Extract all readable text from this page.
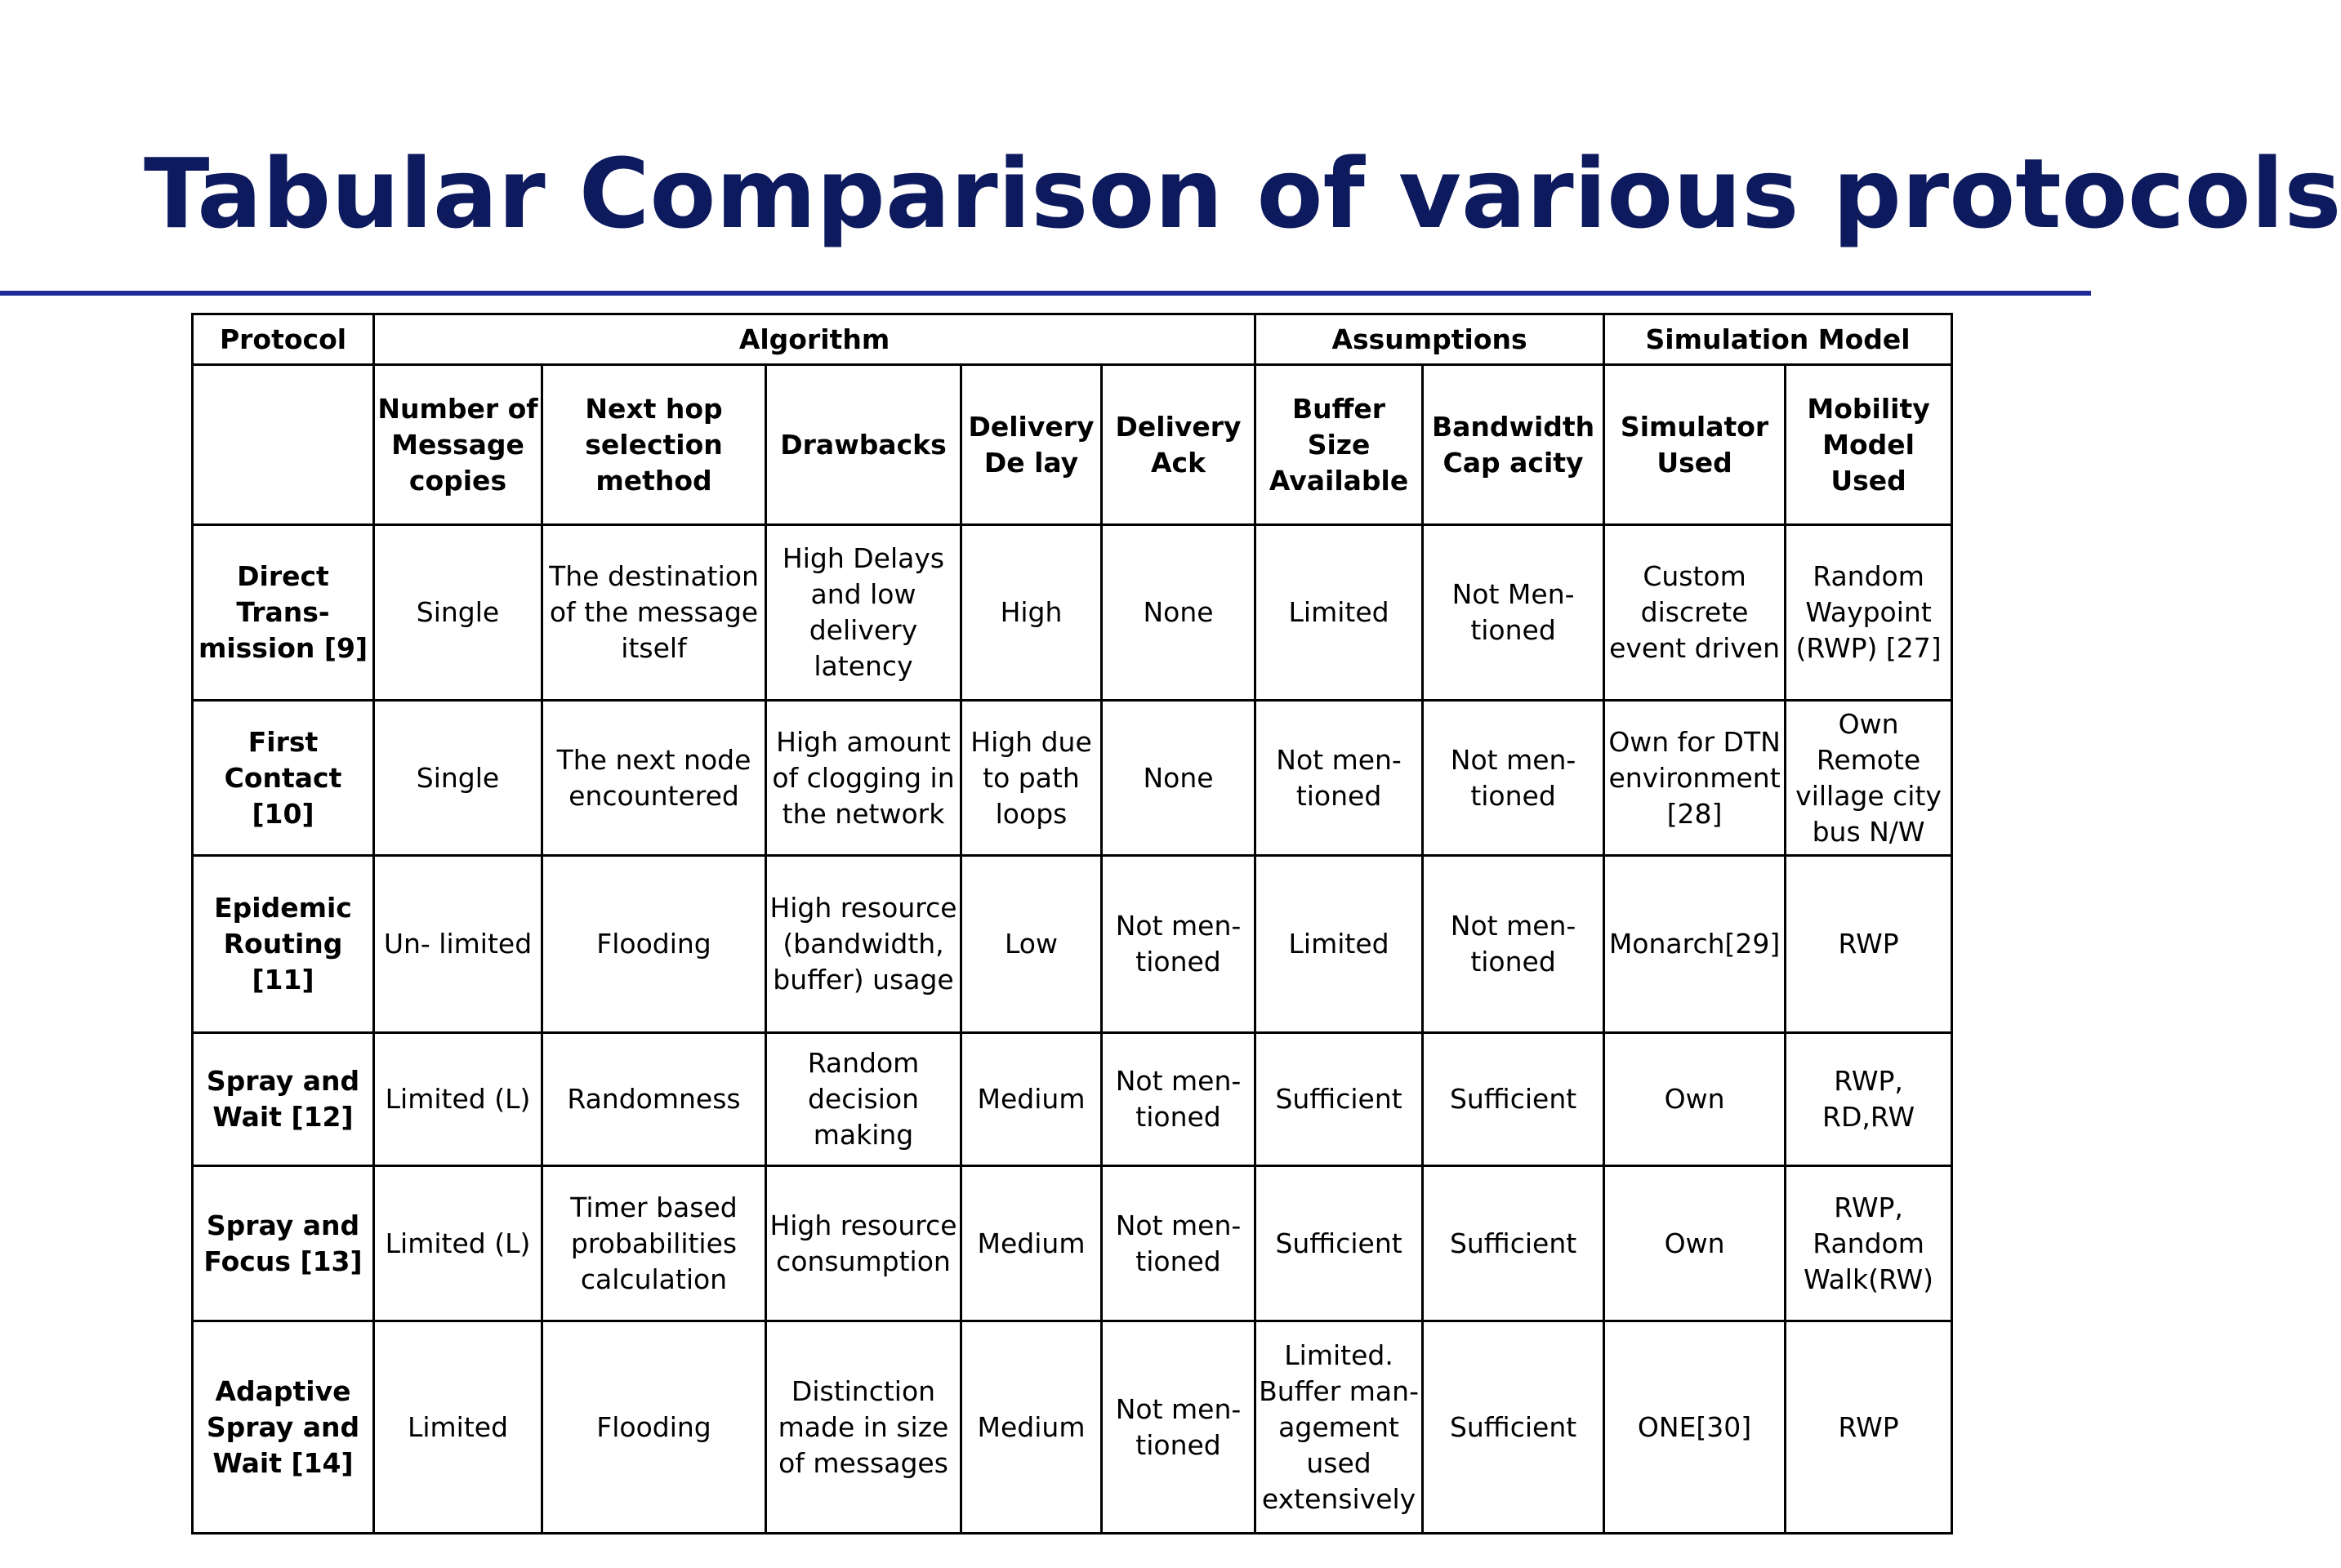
Tabular Comparison of various protocols
Protocol	Algorithm					Assumptions		Simulation Model	
	Number of Message copies	Next hop selection method	Drawbacks	DeliveryDe lay	Delivery Ack	Buffer Size Available	BandwidthCap acity	Simulator Used	Mobility Model Used
Direct Trans- mission [9]	Single	The destination of the message itself	High Delays and low delivery latency	High	None	Limited	Not Men- tioned	Custom discrete event driven	Random Waypoint (RWP) [27]
First Contact [10]	Single	The next node encountered	High amount of clogging in the network	High due to path loops	None	Not men- tioned	Not men- tioned	Own for DTN environment [28]	Own Remote village city bus N/W
Epidemic Routing [11]	Un- limited	Flooding	High resource (bandwidth, buffer) usage	Low	Not men- tioned	Limited	Not men- tioned	Monarch[29]	RWP
Spray and Wait [12]	Limited (L)	Randomness	Random decision making	Medium	Not men- tioned	Sufficient	Sufficient	Own	RWP, RD,RW
Spray and Focus [13]	Limited (L)	Timer based probabilities calculation	High resource consumption	Medium	Not men- tioned	Sufficient	Sufficient	Own	RWP, Random Walk(RW)
Adaptive Spray and Wait [14]	Limited	Flooding	Distinction made in size of messages	Medium	Not men- tioned	Limited. Buffer man- agement used extensively	Sufficient	ONE[30]	RWP
